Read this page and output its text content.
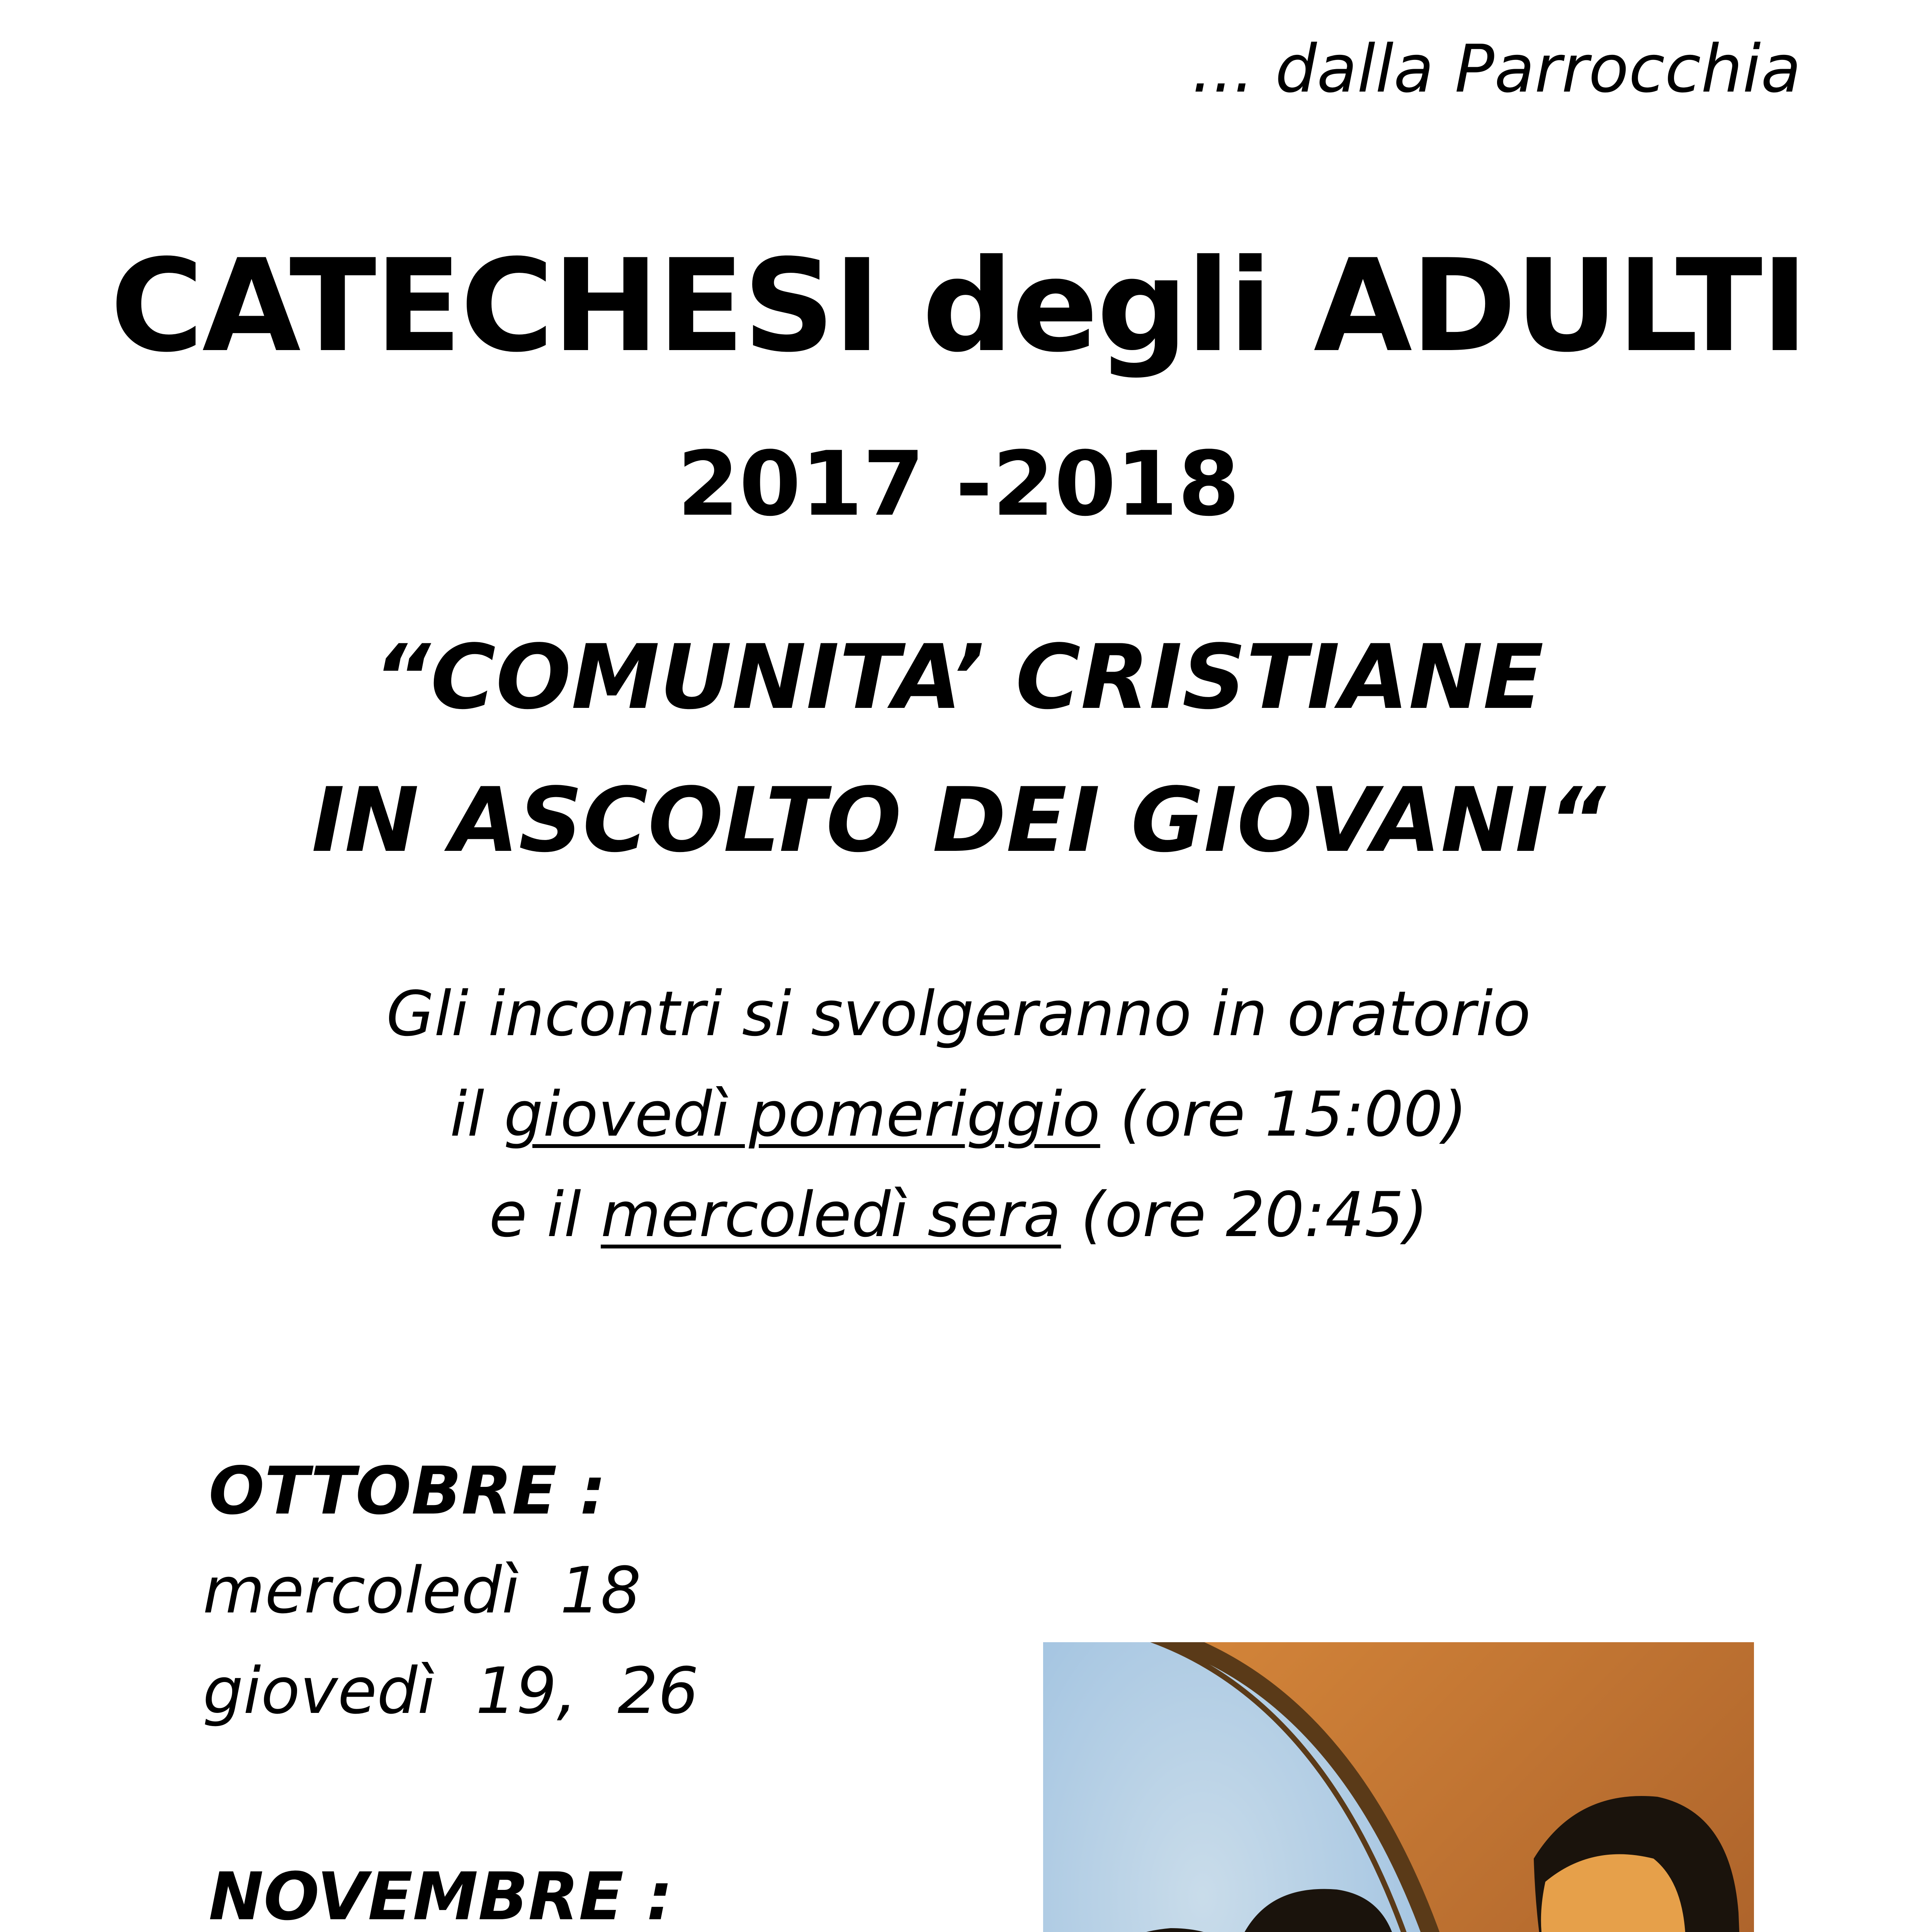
... dalla Parrocchia
CATECHESI degli ADULTI
2017 -2018
“COMUNITA’ CRISTIANE
IN ASCOLTO DEI GIOVANI“
Gli incontri si svolgeranno in oratorio
il giovedì pomeriggio (ore 15:00)
e il mercoledì sera (ore 20:45)
OTTOBRE :
mercoledì  18
giovedì  19,  26
NOVEMBRE :
